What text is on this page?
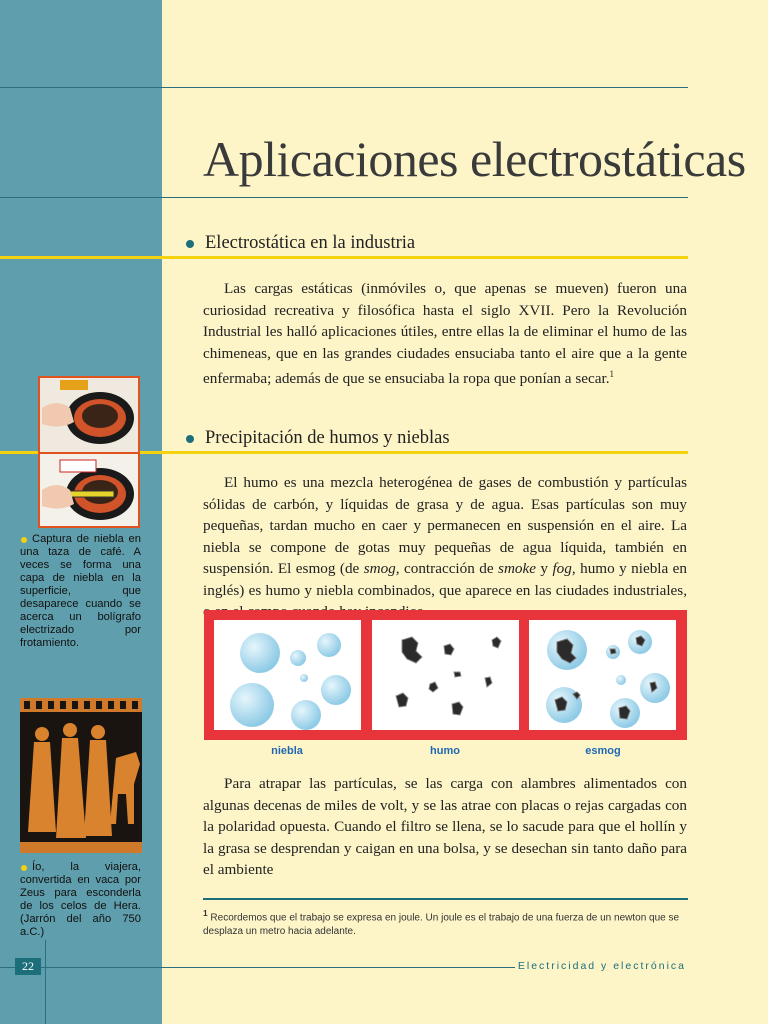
Aplicaciones electrostáticas
Electrostática en la industria

Las cargas estáticas (inmóviles o, que apenas se mueven) fueron una curiosidad recreativa y filosófica hasta el siglo XVII. Pero la Revolución Industrial les halló aplicaciones útiles, entre ellas la de eliminar el humo de las chimeneas, que en las grandes ciudades ensuciaba tanto el aire que a la gente enfermaba; además de que se ensuciaba la ropa que ponían a secar.$^1$

Precipitación de humos y nieblas

El humo es una mezcla heterogénea de gases de combustión y partículas sólidas de carbón, y líquidas de grasa y de agua. Esas partículas son muy pequeñas, tardan mucho en caer y permanecen en suspensión en el aire. La niebla se compone de gotas muy pequeñas de agua líquida, también en suspensión. El esmog (de smog, contracción de smoke y fog, humo y niebla en inglés) es humo y niebla combinados, que aparece en las ciudades industriales,

niebla	humo	esmog

Para atrapar las partículas, se las carga con alambres alimentados con algunas decenas de miles de volt, y se las atrae con placas o rejas cargadas con la polaridad opuesta. Cuando el filtro se llena, se lo sacude para que el hollín y la grasa se desprendan y caigan en una bolsa, y se desechan sin tanto daño para el ambiente

Captura de niebla en una taza de café. A veces se forma una capa de niebla en la superficie, que desaparece cuando se acerca un bolígrafo electrizado por frotamiento.

Ío, la viajera, convertida en vaca por Zeus para esconderla de los celos de Hera. (Jarrón del año 750 a.C.)

$^1$ Recordemos que el trabajo se expresa en joule. Un joule es el trabajo de una fuerza de un newton que se desplaza un metro hacia adelante.

22	Electricidad y electrónica
